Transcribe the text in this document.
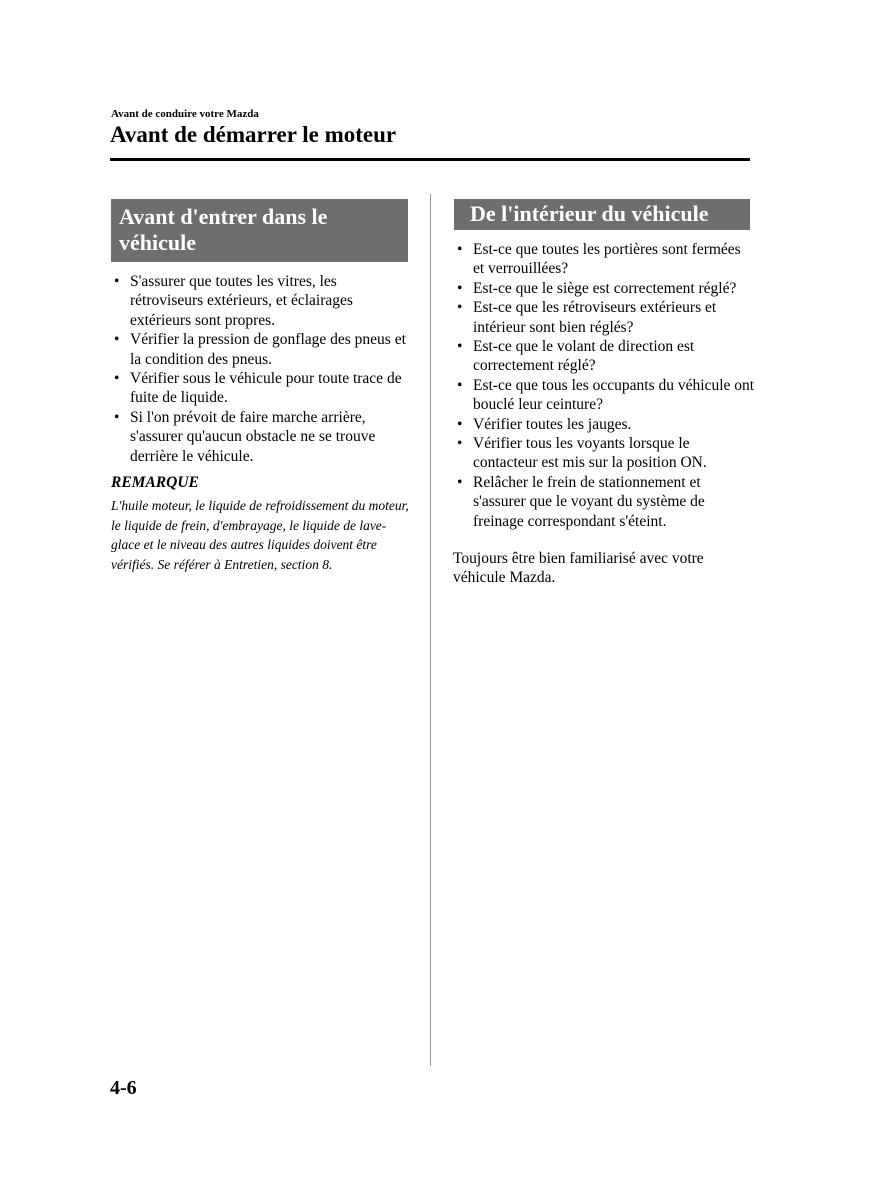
Avant de conduire votre Mazda
Avant de démarrer le moteur
Avant d'entrer dans le véhicule
• S'assurer que toutes les vitres, les rétroviseurs extérieurs, et éclairages extérieurs sont propres.
• Vérifier la pression de gonflage des pneus et la condition des pneus.
• Vérifier sous le véhicule pour toute trace de fuite de liquide.
• Si l'on prévoit de faire marche arrière, s'assurer qu'aucun obstacle ne se trouve derrière le véhicule.
REMARQUE

L'huile moteur, le liquide de refroidissement du moteur, le liquide de frein, d'embrayage, le liquide de lave-glace et le niveau des autres liquides doivent être vérifiés. Se référer à Entretien, section 8.

De l'intérieur du véhicule
• Est-ce que toutes les portières sont fermées et verrouillées?
• Est-ce que le siège est correctement réglé?
• Est-ce que les rétroviseurs extérieurs et intérieur sont bien réglés?
• Est-ce que le volant de direction est correctement réglé?
• Est-ce que tous les occupants du véhicule ont bouclé leur ceinture?
• Vérifier toutes les jauges.
• Vérifier tous les voyants lorsque le contacteur est mis sur la position ON.
• Relâcher le frein de stationnement et s'assurer que le voyant du système de freinage correspondant s'éteint.

Toujours être bien familiarisé avec votre véhicule Mazda.

4-6
